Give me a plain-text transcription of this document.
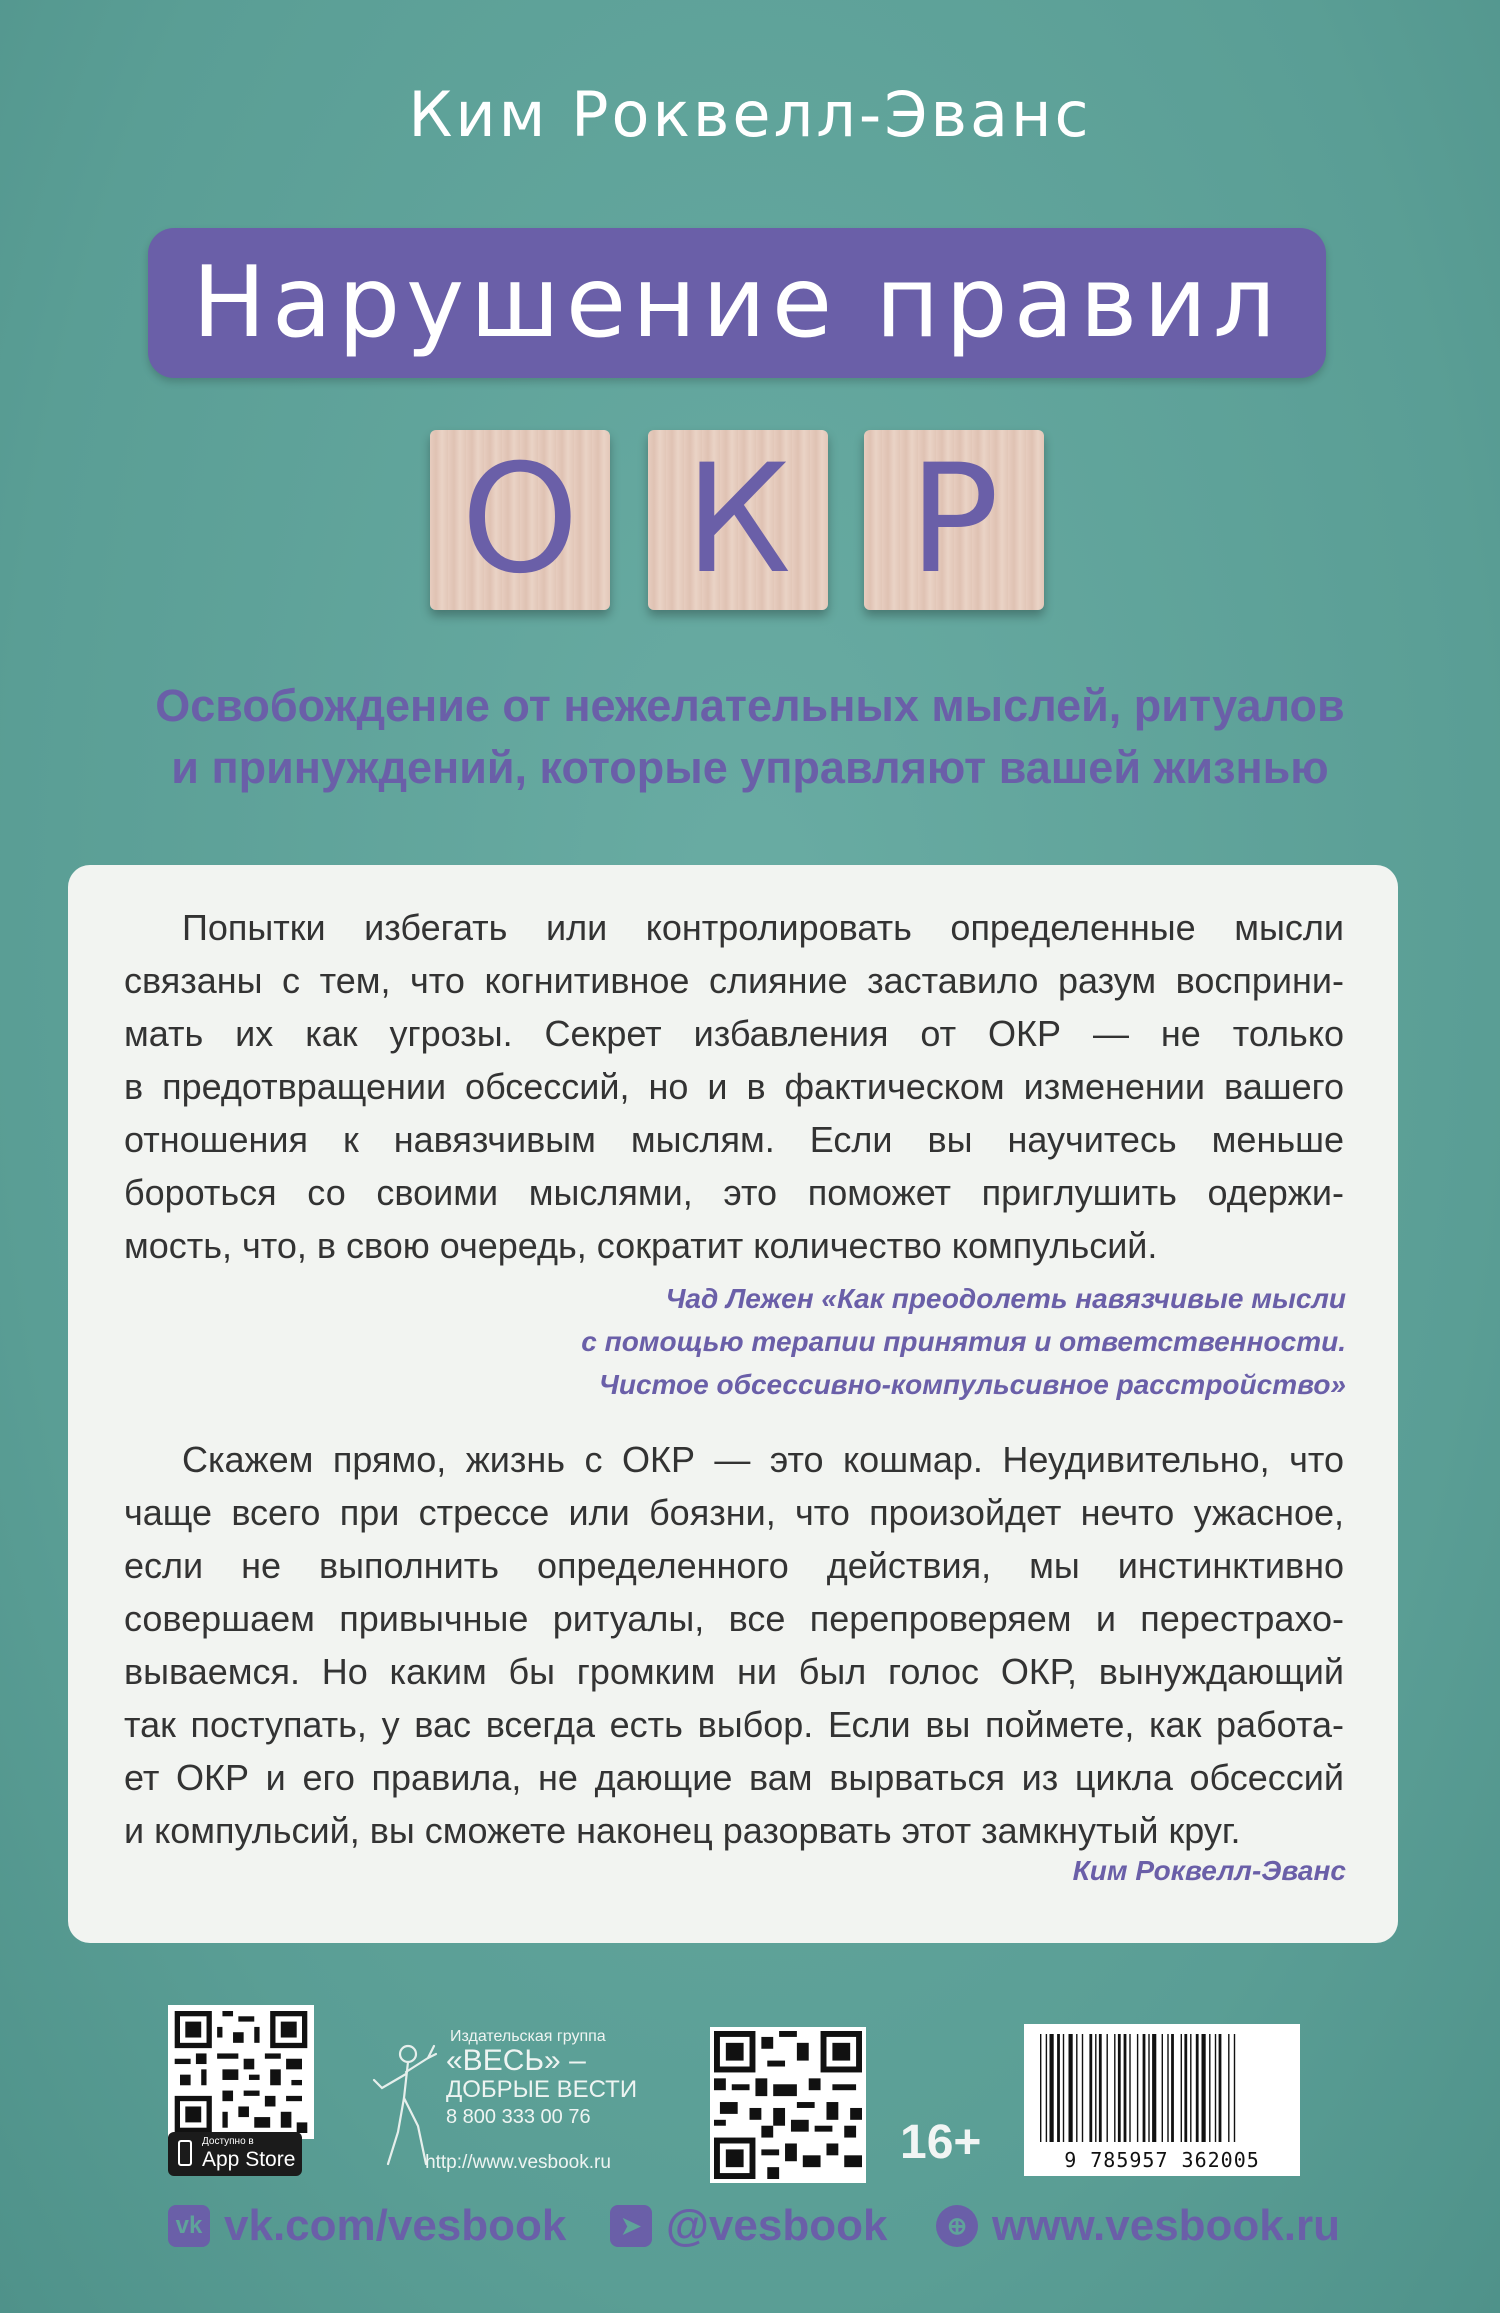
Ким Роквелл-Эванс
Нарушение правил
О К Р
Освобождение от нежелательных мыслей, ритуалов
и принуждений, которые управляют вашей жизнью
Попытки избегать или контролировать определенные мысли
связаны с тем, что когнитивное слияние заставило разум восприни-
мать их как угрозы. Секрет избавления от ОКР — не только
в предотвращении обсессий, но и в фактическом изменении вашего
отношения к навязчивым мыслям. Если вы научитесь меньше
бороться со своими мыслями, это поможет приглушить одержи-
мость, что, в свою очередь, сократит количество компульсий.
Чад Лежен «Как преодолеть навязчивые мысли
с помощью терапии принятия и ответственности.
Чистое обсессивно-компульсивное расстройство»
Скажем прямо, жизнь с ОКР — это кошмар. Неудивительно, что
чаще всего при стрессе или боязни, что произойдет нечто ужасное,
если не выполнить определенного действия, мы инстинктивно
совершаем привычные ритуалы, все перепроверяем и перестрахо-
вываемся. Но каким бы громким ни был голос ОКР, вынуждающий
так поступать, у вас всегда есть выбор. Если вы поймете, как работа-
ет ОКР и его правила, не дающие вам вырваться из цикла обсессий
и компульсий, вы сможете наконец разорвать этот замкнутый круг.
Ким Роквелл-Эванс
Доступно в
App Store
Издательская группа
«ВЕСЬ» –
ДОБРЫЕ ВЕСТИ
8 800 333 00 76
http://www.vesbook.ru	16+	9 785957 362005
vk vk.com/vesbook	➤ @vesbook	⊕ www.vesbook.ru
